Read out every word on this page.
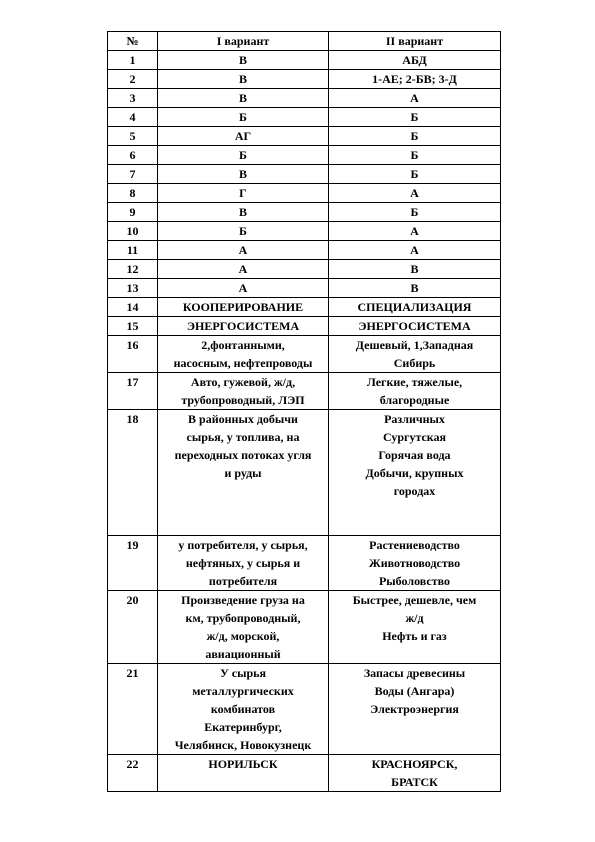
№	I вариант	II вариант
1	В	АБД

2	В	1-АЕ; 2-БВ; 3-Д

3	В	А

4	Б	Б

5	АГ	Б

6	Б	Б

7	В	Б

8	Г	А

9	В	Б

10	Б	А

11	А	А

12	А	В

13	А	В

14	КООПЕРИРОВАНИЕ	СПЕЦИАЛИЗАЦИЯ

15	ЭНЕРГОСИСТЕМА	ЭНЕРГОСИСТЕМА

16	2,фонтанными,
насосным, нефтепроводы	Дешевый, 1,Западная
Сибирь

17	Авто, гужевой, ж/д,
трубопроводный, ЛЭП	Легкие, тяжелые,
благородные

18	В районных добычи
сырья, у топлива, на
переходных потоках угля
и руды	Различных
Сургутская
Горячая вода
Добычи, крупных
городах

19	у потребителя, у сырья,
нефтяных, у сырья и
потребителя	Растениеводство
Животноводство
Рыболовство

20	Произведение груза на
км, трубопроводный,
ж/д, морской,
авиационный	Быстрее, дешевле, чем
ж/д
Нефть и газ

21	У сырья
металлургических
комбинатов
Екатеринбург,
Челябинск, Новокузнецк	Запасы древесины
Воды (Ангара)
Электроэнергия

22	НОРИЛЬСК	КРАСНОЯРСК,
БРАТСК
